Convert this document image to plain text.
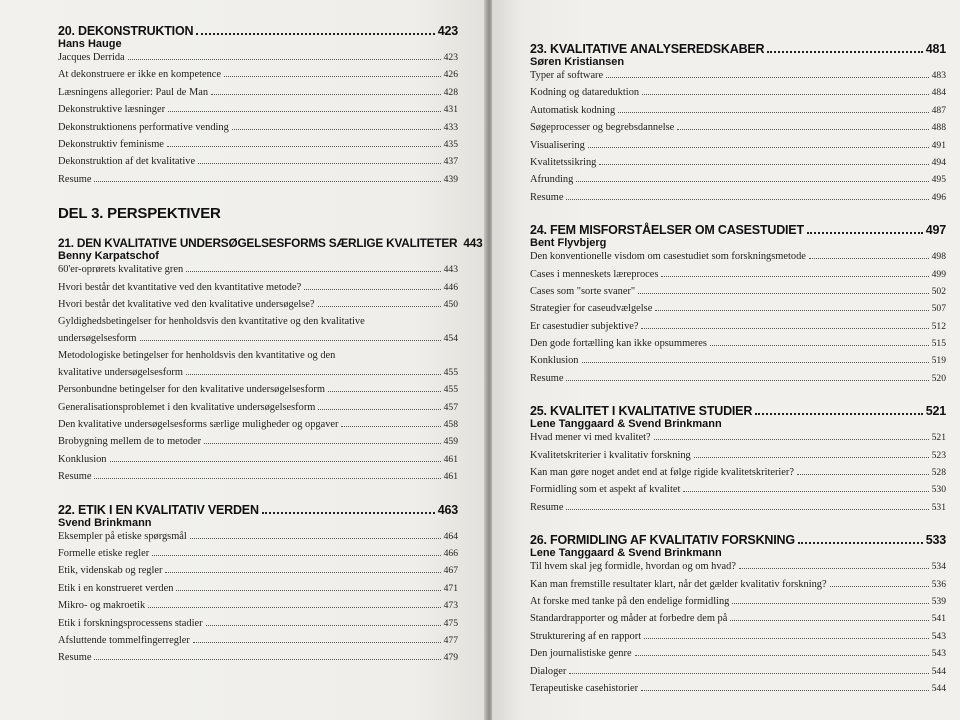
20. DEKONSTRUKTION	423
Hans Hauge
Jacques Derrida	423
At dekonstruere er ikke en kompetence	426
Læsningens allegorier: Paul de Man	428
Dekonstruktive læsninger	431
Dekonstruktionens performative vending	433
Dekonstruktiv feminisme	435
Dekonstruktion af det kvalitative	437
Resume	439
DEL 3. PERSPEKTIVER
21. DEN KVALITATIVE UNDERSØGELSESFORMS SÆRLIGE KVALITETER 443
Benny Karpatschof
60'er-oprørets kvalitative gren	443
Hvori består det kvantitative ved den kvantitative metode?	446
Hvori består det kvalitative ved den kvalitative undersøgelse?	450
Gyldighedsbetingelser for henholdsvis den kvantitative og den kvalitative
undersøgelsesform	454
Metodologiske betingelser for henholdsvis den kvantitative og den
kvalitative undersøgelsesform	455
Personbundne betingelser for den kvalitative undersøgelsesform	455
Generalisationsproblemet i den kvalitative undersøgelsesform	457
Den kvalitative undersøgelsesforms særlige muligheder og opgaver	458
Brobygning mellem de to metoder	459
Konklusion	461
Resume	461
22. ETIK I EN KVALITATIV VERDEN	463
Svend Brinkmann
Eksempler på etiske spørgsmål	464
Formelle etiske regler	466
Etik, videnskab og regler	467
Etik i en konstrueret verden	471
Mikro- og makroetik	473
Etik i forskningsprocessens stadier	475
Afsluttende tommelfingerregler	477
Resume	479
23. KVALITATIVE ANALYSEREDSKABER	481
Søren Kristiansen
Typer af software	483
Kodning og datareduktion	484
Automatisk kodning	487
Søgeprocesser og begrebsdannelse	488
Visualisering	491
Kvalitetssikring	494
Afrunding	495
Resume	496
24. FEM MISFORSTÅELSER OM CASESTUDIET	497
Bent Flyvbjerg
Den konventionelle visdom om casestudiet som forskningsmetode	498
Cases i menneskets læreproces	499
Cases som "sorte svaner"	502
Strategier for caseudvælgelse	507
Er casestudier subjektive?	512
Den gode fortælling kan ikke opsummeres	515
Konklusion	519
Resume	520
25. KVALITET I KVALITATIVE STUDIER	521
Lene Tanggaard & Svend Brinkmann
Hvad mener vi med kvalitet?	521
Kvalitetskriterier i kvalitativ forskning	523
Kan man gøre noget andet end at følge rigide kvalitetskriterier?	528
Formidling som et aspekt af kvalitet	530
Resume	531
26. FORMIDLING AF KVALITATIV FORSKNING	533
Lene Tanggaard & Svend Brinkmann
Til hvem skal jeg formidle, hvordan og om hvad?	534
Kan man fremstille resultater klart, når det gælder kvalitativ forskning?	536
At forske med tanke på den endelige formidling	539
Standardrapporter og måder at forbedre dem på	541
Strukturering af en rapport	543
Den journalistiske genre	543
Dialoger	544
Terapeutiske casehistorier	544
